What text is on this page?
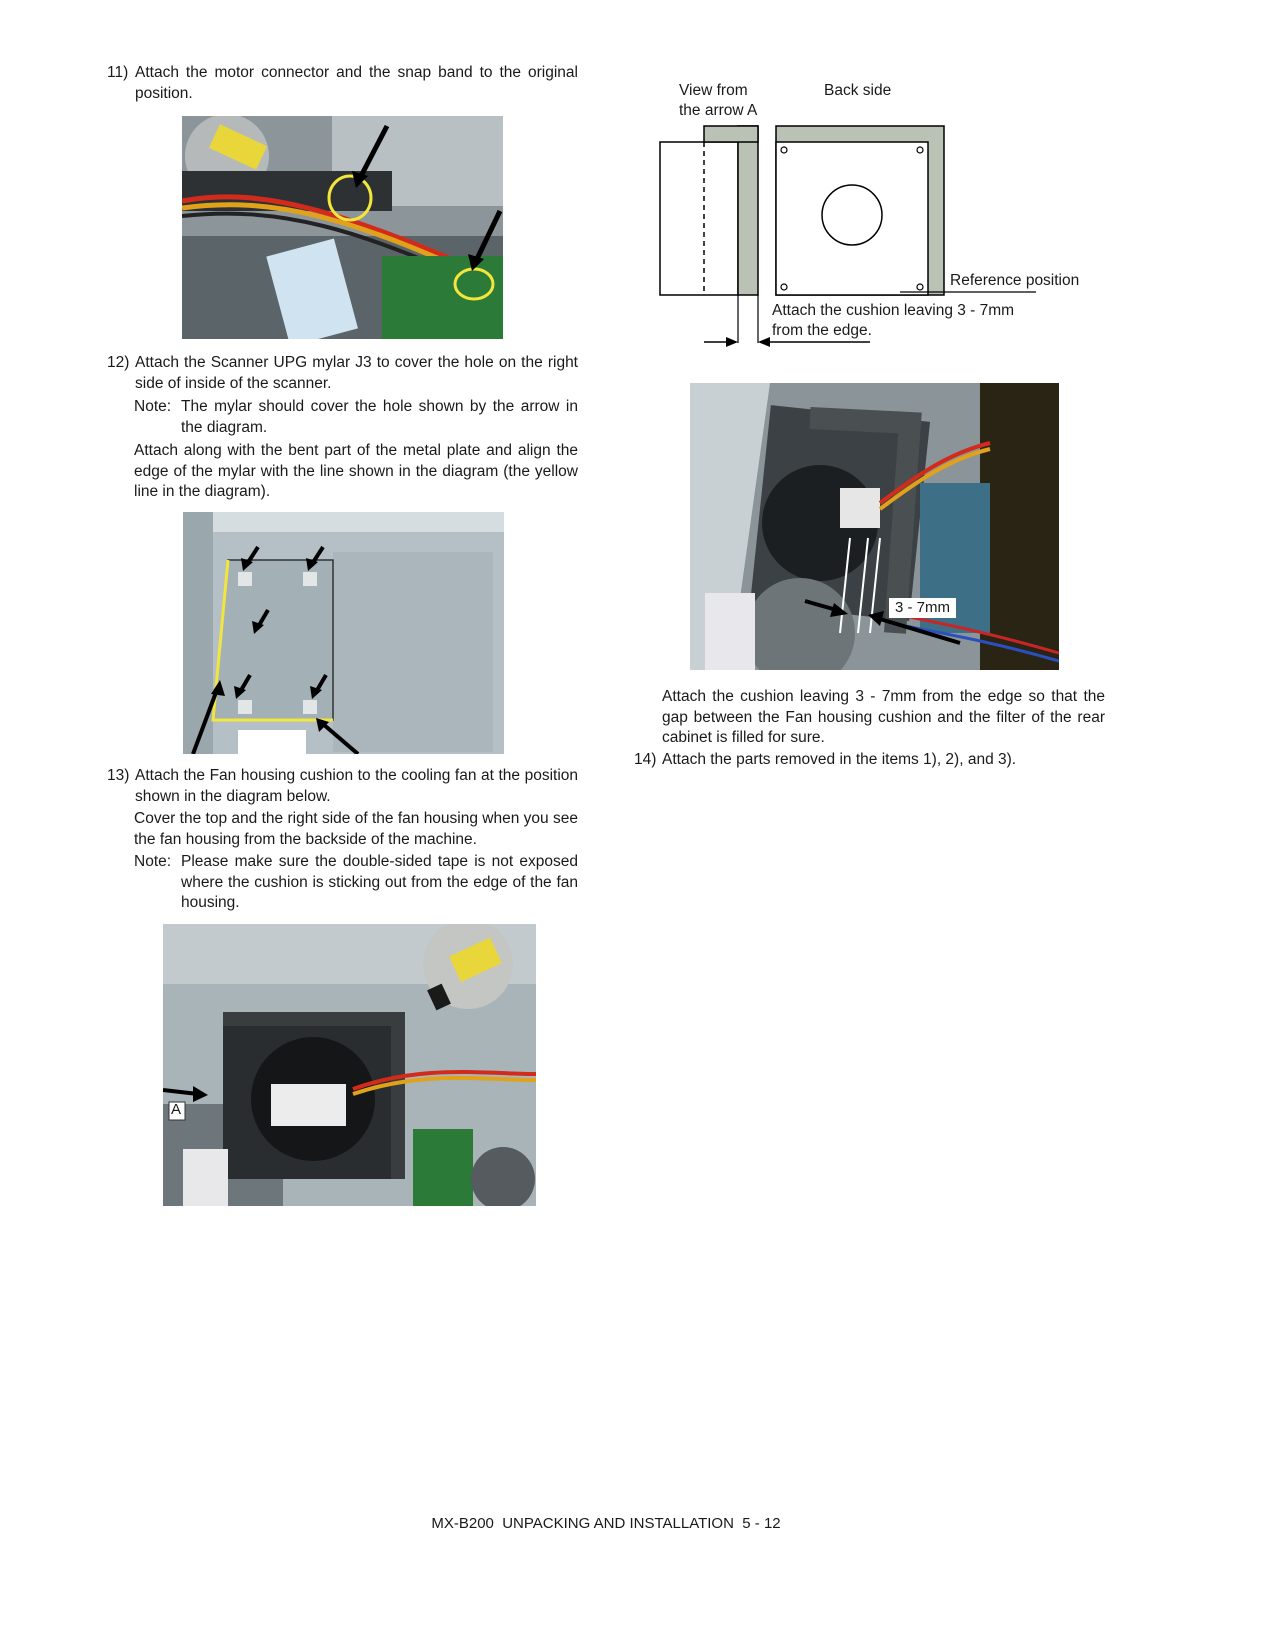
11) Attach the motor connector and the snap band to the original position.
12) Attach the Scanner UPG mylar J3 to cover the hole on the right side of inside of the scanner.
Note: The mylar should cover the hole shown by the arrow in the diagram.
Attach along with the bent part of the metal plate and align the edge of the mylar with the line shown in the diagram (the yellow line in the diagram).
13) Attach the Fan housing cushion to the cooling fan at the position shown in the diagram below.
Cover the top and the right side of the fan housing when you see the fan housing from the backside of the machine.
Note: Please make sure the double-sided tape is not exposed where the cushion is sticking out from the edge of the fan housing.
A
View from the arrow A
Back side
Reference position
Attach the cushion leaving 3 - 7mm from the edge.
3 - 7mm
Attach the cushion leaving 3 - 7mm from the edge so that the gap between the Fan housing cushion and the filter of the rear cabinet is filled for sure.
14) Attach the parts removed in the items 1), 2), and 3).
MX-B200  UNPACKING AND INSTALLATION  5 - 12
